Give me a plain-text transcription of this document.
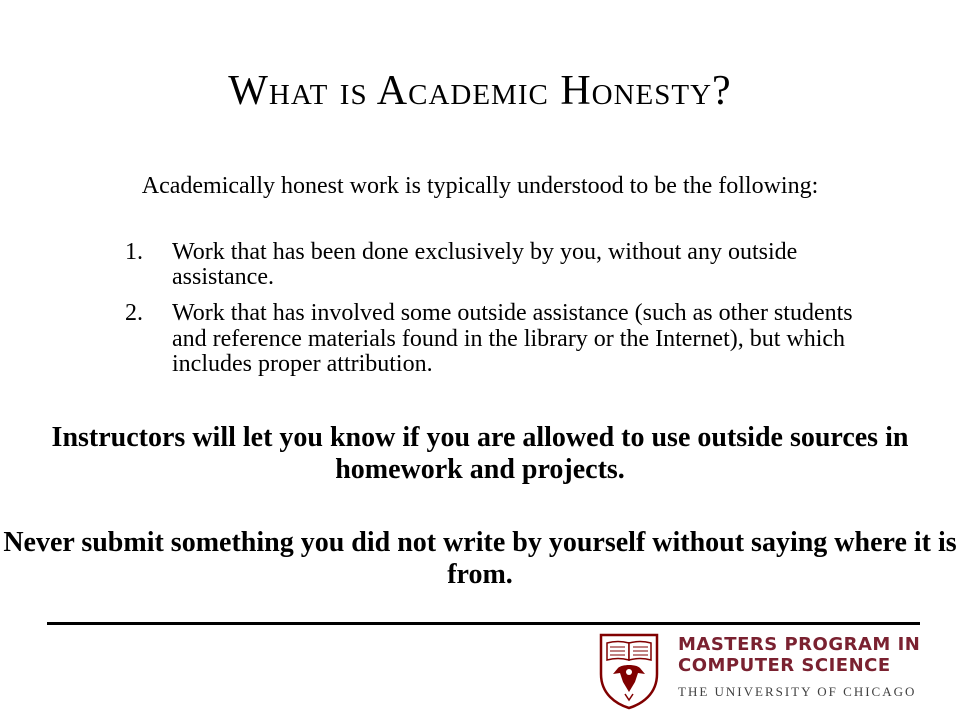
What is Academic Honesty?
Academically honest work is typically understood to be the following:
1.	Work that has been done exclusively by you, without any outside assistance.
2.	Work that has involved some outside assistance (such as other students and reference materials found in the library or the Internet), but which includes proper attribution.
Instructors will let you know if you are allowed to use outside sources in homework and projects.
Never submit something you did not write by yourself without saying where it is from.
MASTERS PROGRAM IN
COMPUTER SCIENCE
THE UNIVERSITY OF CHICAGO
